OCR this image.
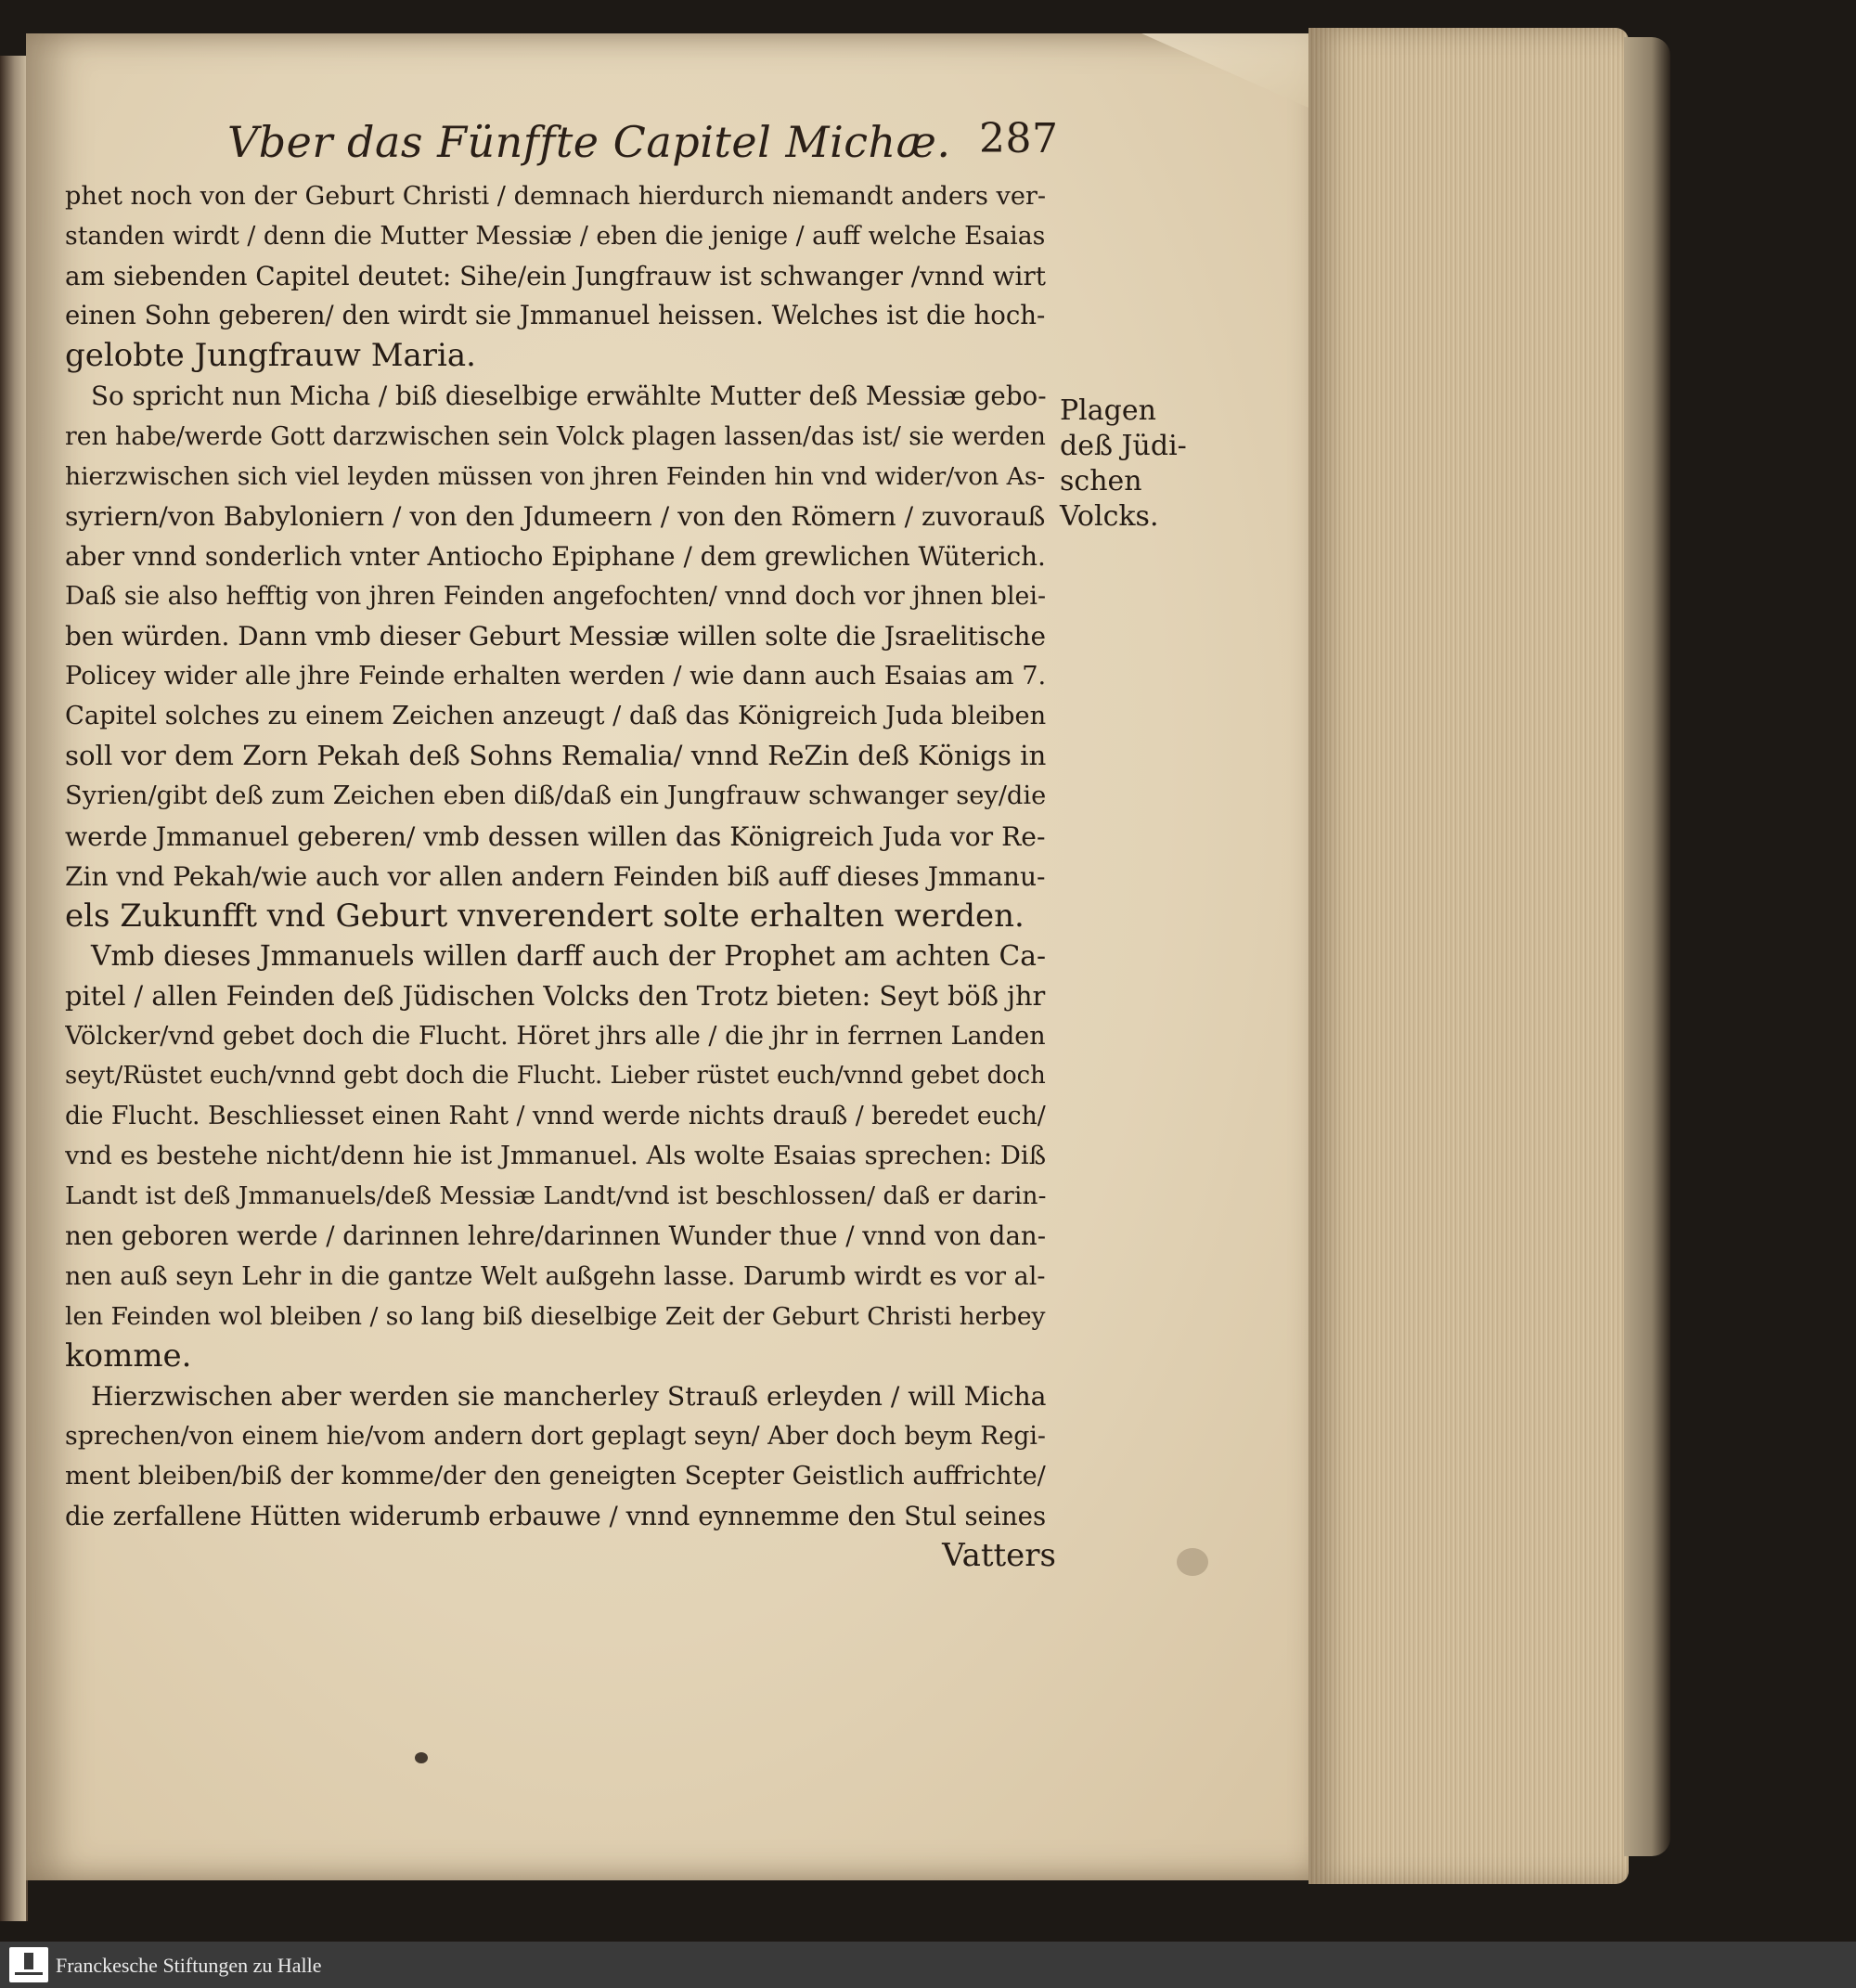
Vber das Fünffte Capitel Michæ. 287
phet noch von der Geburt Christi / demnach hierdurch niemandt anders ver-
standen wirdt / denn die Mutter Messiæ / eben die jenige / auff welche Esaias
am siebenden Capitel deutet: Sihe/ein Jungfrauw ist schwanger /vnnd wirt
einen Sohn geberen/ den wirdt sie Jmmanuel heissen. Welches ist die hoch-
gelobte Jungfrauw Maria.
So spricht nun Micha / biß dieselbige erwählte Mutter deß Messiæ gebo-
ren habe/werde Gott darzwischen sein Volck plagen lassen/das ist/ sie werden
hierzwischen sich viel leyden müssen von jhren Feinden hin vnd wider/von As-
syriern/von Babyloniern / von den Jdumeern / von den Römern / zuvorauß
aber vnnd sonderlich vnter Antiocho Epiphane / dem grewlichen Wüterich.
Daß sie also hefftig von jhren Feinden angefochten/ vnnd doch vor jhnen blei-
ben würden. Dann vmb dieser Geburt Messiæ willen solte die Jsraelitische
Policey wider alle jhre Feinde erhalten werden / wie dann auch Esaias am 7.
Capitel solches zu einem Zeichen anzeugt / daß das Königreich Juda bleiben
soll vor dem Zorn Pekah deß Sohns Remalia/ vnnd ReZin deß Königs in
Syrien/gibt deß zum Zeichen eben diß/daß ein Jungfrauw schwanger sey/die
werde Jmmanuel geberen/ vmb dessen willen das Königreich Juda vor Re-
Zin vnd Pekah/wie auch vor allen andern Feinden biß auff dieses Jmmanu-
els Zukunfft vnd Geburt vnverendert solte erhalten werden.
Vmb dieses Jmmanuels willen darff auch der Prophet am achten Ca-
pitel / allen Feinden deß Jüdischen Volcks den Trotz bieten: Seyt böß jhr
Völcker/vnd gebet doch die Flucht. Höret jhrs alle / die jhr in ferrnen Landen
seyt/Rüstet euch/vnnd gebt doch die Flucht. Lieber rüstet euch/vnnd gebet doch
die Flucht. Beschliesset einen Raht / vnnd werde nichts drauß / beredet euch/
vnd es bestehe nicht/denn hie ist Jmmanuel. Als wolte Esaias sprechen: Diß
Landt ist deß Jmmanuels/deß Messiæ Landt/vnd ist beschlossen/ daß er darin-
nen geboren werde / darinnen lehre/darinnen Wunder thue / vnnd von dan-
nen auß seyn Lehr in die gantze Welt außgehn lasse. Darumb wirdt es vor al-
len Feinden wol bleiben / so lang biß dieselbige Zeit der Geburt Christi herbey
komme.
Hierzwischen aber werden sie mancherley Strauß erleyden / will Micha
sprechen/von einem hie/vom andern dort geplagt seyn/ Aber doch beym Regi-
ment bleiben/biß der komme/der den geneigten Scepter Geistlich auffrichte/
die zerfallene Hütten widerumb erbauwe / vnnd eynnemme den Stul seines
Vatters
Plagen
deß Jüdi-
schen
Volcks.
Franckesche Stiftungen zu Halle
